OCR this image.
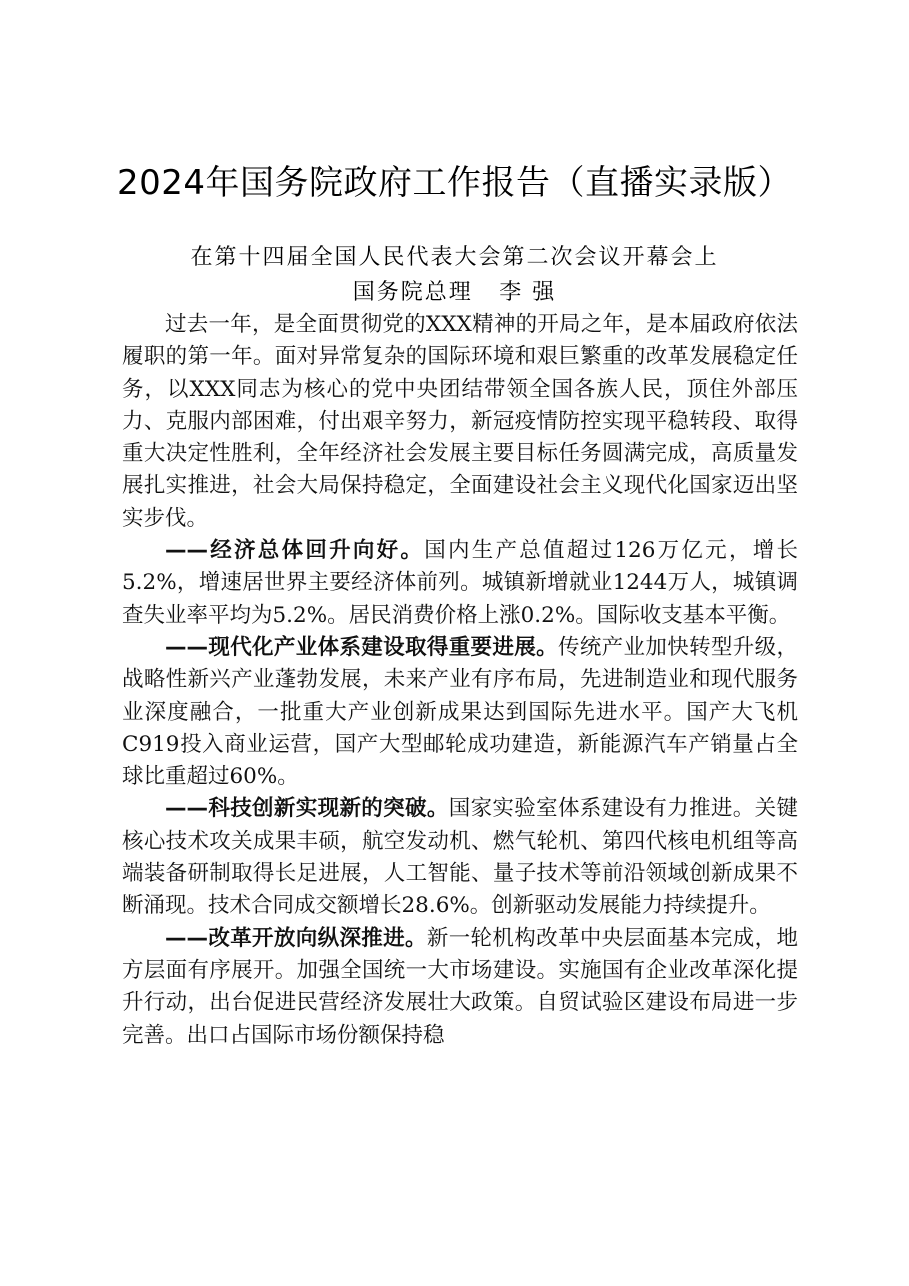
2024年国务院政府工作报告（直播实录版）

在第十四届全国人民代表大会第二次会议开幕会上

国务院总理 李 强

过去一年，是全面贯彻党的XXX精神的开局之年，是本届政府依法履职的第一年。面对异常复杂的国际环境和艰巨繁重的改革发展稳定任务，以XXX同志为核心的党中央团结带领全国各族人民，顶住外部压力、克服内部困难，付出艰辛努力，新冠疫情防控实现平稳转段、取得重大决定性胜利，全年经济社会发展主要目标任务圆满完成，高质量发展扎实推进，社会大局保持稳定，全面建设社会主义现代化国家迈出坚实步伐。

——经济总体回升向好。国内生产总值超过126万亿元，增长5.2%，增速居世界主要经济体前列。城镇新增就业1244万人，城镇调查失业率平均为5.2%。居民消费价格上涨0.2%。国际收支基本平衡。

——现代化产业体系建设取得重要进展。传统产业加快转型升级，战略性新兴产业蓬勃发展，未来产业有序布局，先进制造业和现代服务业深度融合，一批重大产业创新成果达到国际先进水平。国产大飞机C919投入商业运营，国产大型邮轮成功建造，新能源汽车产销量占全球比重超过60%。

——科技创新实现新的突破。国家实验室体系建设有力推进。关键核心技术攻关成果丰硕，航空发动机、燃气轮机、第四代核电机组等高端装备研制取得长足进展，人工智能、量子技术等前沿领域创新成果不断涌现。技术合同成交额增长28.6%。创新驱动发展能力持续提升。

——改革开放向纵深推进。新一轮机构改革中央层面基本完成，地方层面有序展开。加强全国统一大市场建设。实施国有企业改革深化提升行动，出台促进民营经济发展壮大政策。自贸试验区建设布局进一步完善。出口占国际市场份额保持稳
